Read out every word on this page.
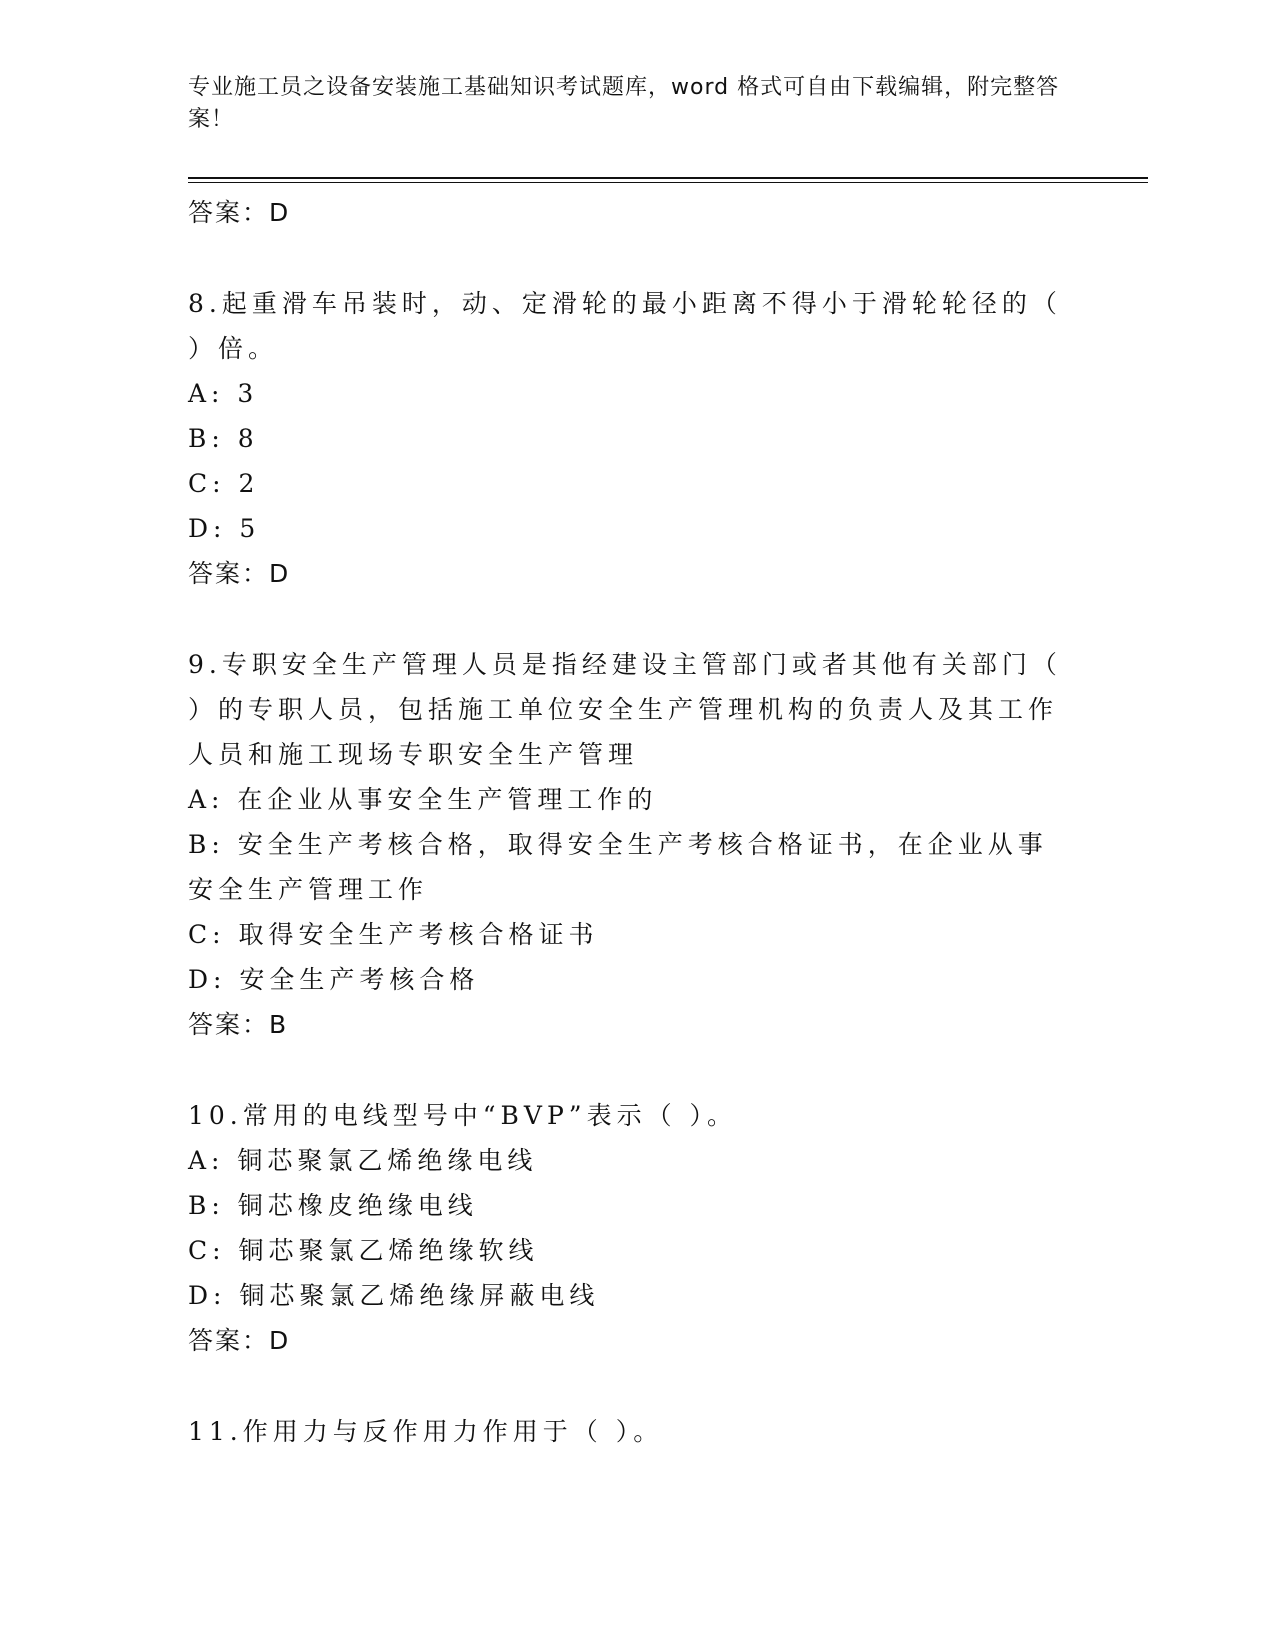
专业施工员之设备安装施工基础知识考试题库，word 格式可自由下载编辑，附完整答案！

答案：D

8.起重滑车吊装时，动、定滑轮的最小距离不得小于滑轮轮径的（ ）倍。

A: 3

B: 8

C: 2

D: 5

答案：D

9.专职安全生产管理人员是指经建设主管部门或者其他有关部门（ ）的专职人员，包括施工单位安全生产管理机构的负责人及其工作人员和施工现场专职安全生产管理

A: 在企业从事安全生产管理工作的

B: 安全生产考核合格，取得安全生产考核合格证书，在企业从事安全生产管理工作

C: 取得安全生产考核合格证书

D: 安全生产考核合格

答案：B

10.常用的电线型号中“BVP”表示（ ）。

A: 铜芯聚氯乙烯绝缘电线

B: 铜芯橡皮绝缘电线

C: 铜芯聚氯乙烯绝缘软线

D: 铜芯聚氯乙烯绝缘屏蔽电线

答案：D

11.作用力与反作用力作用于（ ）。
